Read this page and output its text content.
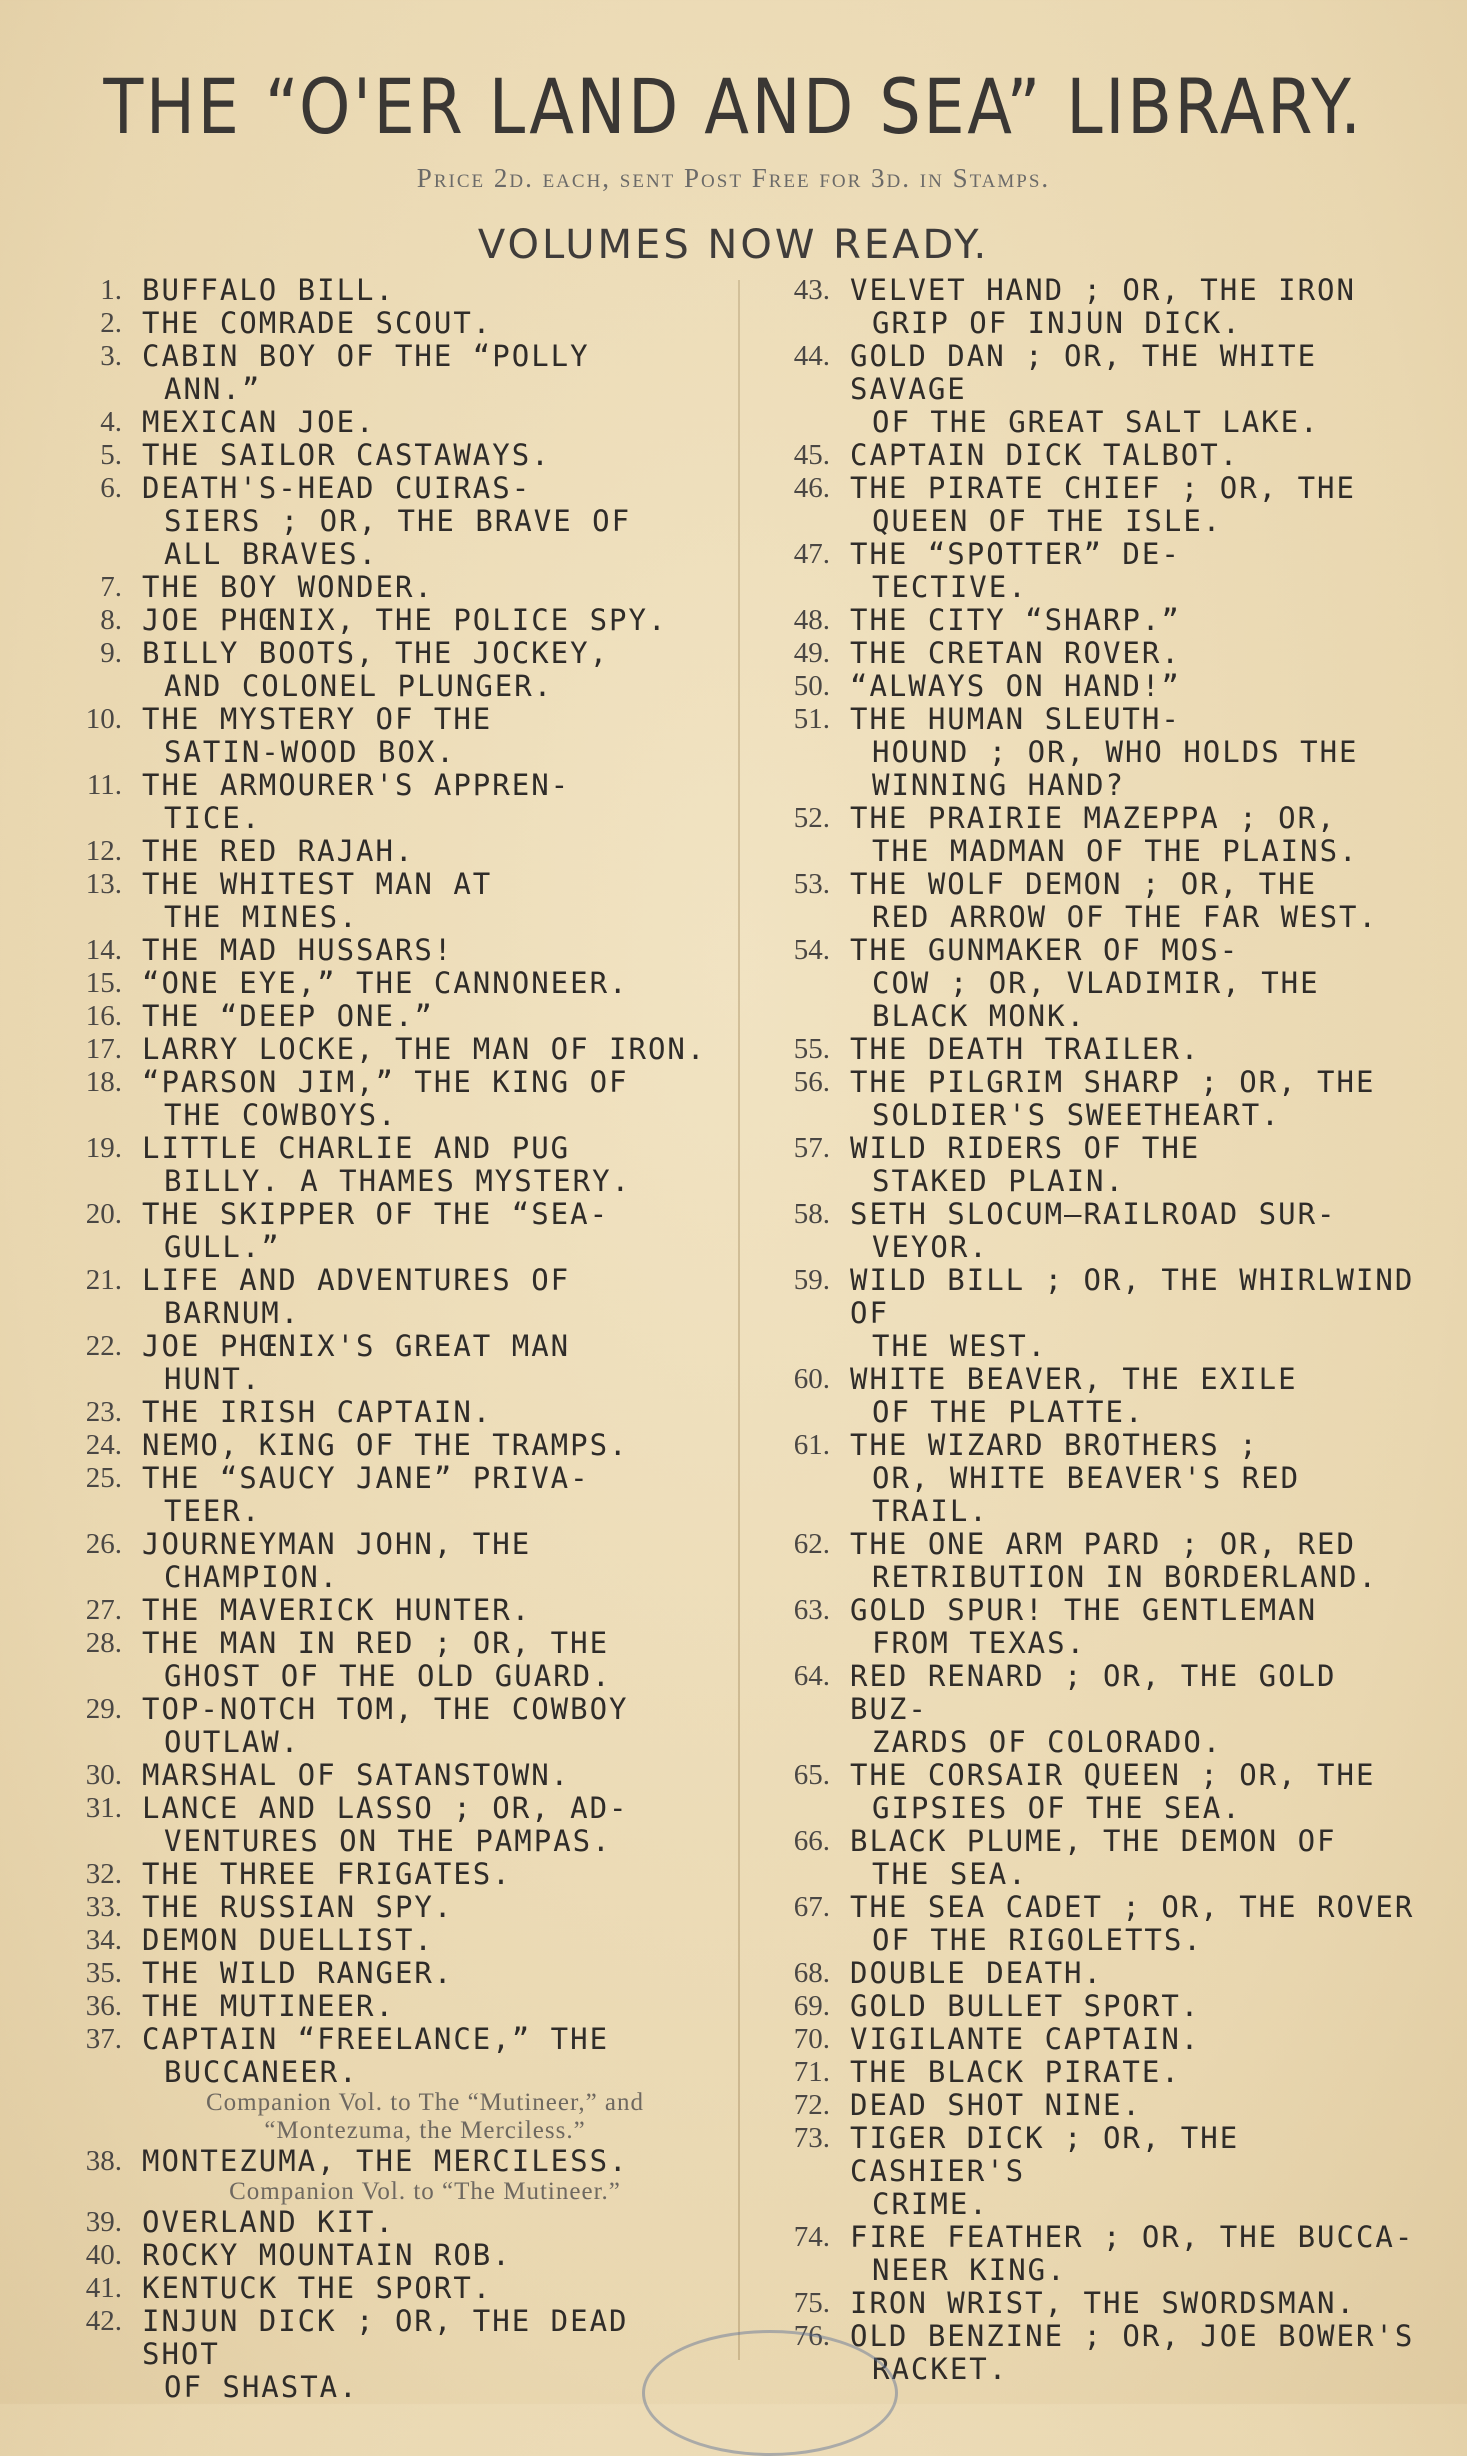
THE “O'ER LAND AND SEA” LIBRARY.
Price 2d. each, sent Post Free for 3d. in Stamps.
VOLUMES NOW READY.
1. BUFFALO BILL.
2. THE COMRADE SCOUT.
3. CABIN BOY OF THE “POLLY
ANN.”
4. MEXICAN JOE.
5. THE SAILOR CASTAWAYS.
6. DEATH'S-HEAD CUIRAS-
SIERS ; OR, THE BRAVE OF ALL BRAVES.
7. THE BOY WONDER.
8. JOE PHŒNIX, THE POLICE SPY.
9. BILLY BOOTS, THE JOCKEY,
AND COLONEL PLUNGER.
10. THE MYSTERY OF THE
SATIN-WOOD BOX.
11. THE ARMOURER'S APPREN-
TICE.
12. THE RED RAJAH.
13. THE WHITEST MAN AT
THE MINES.
14. THE MAD HUSSARS!
15. “ONE EYE,” THE CANNONEER.
16. THE “DEEP ONE.”
17. LARRY LOCKE, THE MAN OF IRON.
18. “PARSON JIM,” THE KING OF
THE COWBOYS.
19. LITTLE CHARLIE AND PUG
BILLY. A THAMES MYSTERY.
20. THE SKIPPER OF THE “SEA-
GULL.”
21. LIFE AND ADVENTURES OF
BARNUM.
22. JOE PHŒNIX'S GREAT MAN
HUNT.
23. THE IRISH CAPTAIN.
24. NEMO, KING OF THE TRAMPS.
25. THE “SAUCY JANE” PRIVA-
TEER.
26. JOURNEYMAN JOHN, THE
CHAMPION.
27. THE MAVERICK HUNTER.
28. THE MAN IN RED ; OR, THE
GHOST OF THE OLD GUARD.
29. TOP-NOTCH TOM, THE COWBOY
OUTLAW.
30. MARSHAL OF SATANSTOWN.
31. LANCE AND LASSO ; OR, AD-
VENTURES ON THE PAMPAS.
32. THE THREE FRIGATES.
33. THE RUSSIAN SPY.
34. DEMON DUELLIST.
35. THE WILD RANGER.
36. THE MUTINEER.
37. CAPTAIN “FREELANCE,” THE
BUCCANEER.
Companion Vol. to The “Mutineer,” and “Montezuma, the Merciless.”
38. MONTEZUMA, THE MERCILESS.
Companion Vol. to “The Mutineer.”
39. OVERLAND KIT.
40. ROCKY MOUNTAIN ROB.
41. KENTUCK THE SPORT.
42. INJUN DICK ; OR, THE DEAD SHOT
OF SHASTA.
43. VELVET HAND ; OR, THE IRON
GRIP OF INJUN DICK.
44. GOLD DAN ; OR, THE WHITE SAVAGE
OF THE GREAT SALT LAKE.
45. CAPTAIN DICK TALBOT.
46. THE PIRATE CHIEF ; OR, THE
QUEEN OF THE ISLE.
47. THE “SPOTTER” DE-
TECTIVE.
48. THE CITY “SHARP.”
49. THE CRETAN ROVER.
50. “ALWAYS ON HAND!”
51. THE HUMAN SLEUTH-
HOUND ; OR, WHO HOLDS THE WINNING HAND?
52. THE PRAIRIE MAZEPPA ; OR,
THE MADMAN OF THE PLAINS.
53. THE WOLF DEMON ; OR, THE
RED ARROW OF THE FAR WEST.
54. THE GUNMAKER OF MOS-
COW ; OR, VLADIMIR, THE BLACK MONK.
55. THE DEATH TRAILER.
56. THE PILGRIM SHARP ; OR, THE
SOLDIER'S SWEETHEART.
57. WILD RIDERS OF THE
STAKED PLAIN.
58. SETH SLOCUM—RAILROAD SUR-
VEYOR.
59. WILD BILL ; OR, THE WHIRLWIND OF
THE WEST.
60. WHITE BEAVER, THE EXILE
OF THE PLATTE.
61. THE WIZARD BROTHERS ;
OR, WHITE BEAVER'S RED TRAIL.
62. THE ONE ARM PARD ; OR, RED
RETRIBUTION IN BORDERLAND.
63. GOLD SPUR! THE GENTLEMAN
FROM TEXAS.
64. RED RENARD ; OR, THE GOLD BUZ-
ZARDS OF COLORADO.
65. THE CORSAIR QUEEN ; OR, THE
GIPSIES OF THE SEA.
66. BLACK PLUME, THE DEMON OF
THE SEA.
67. THE SEA CADET ; OR, THE ROVER
OF THE RIGOLETTS.
68. DOUBLE DEATH.
69. GOLD BULLET SPORT.
70. VIGILANTE CAPTAIN.
71. THE BLACK PIRATE.
72. DEAD SHOT NINE.
73. TIGER DICK ; OR, THE CASHIER'S
CRIME.
74. FIRE FEATHER ; OR, THE BUCCA-
NEER KING.
75. IRON WRIST, THE SWORDSMAN.
76. OLD BENZINE ; OR, JOE BOWER'S
RACKET.
